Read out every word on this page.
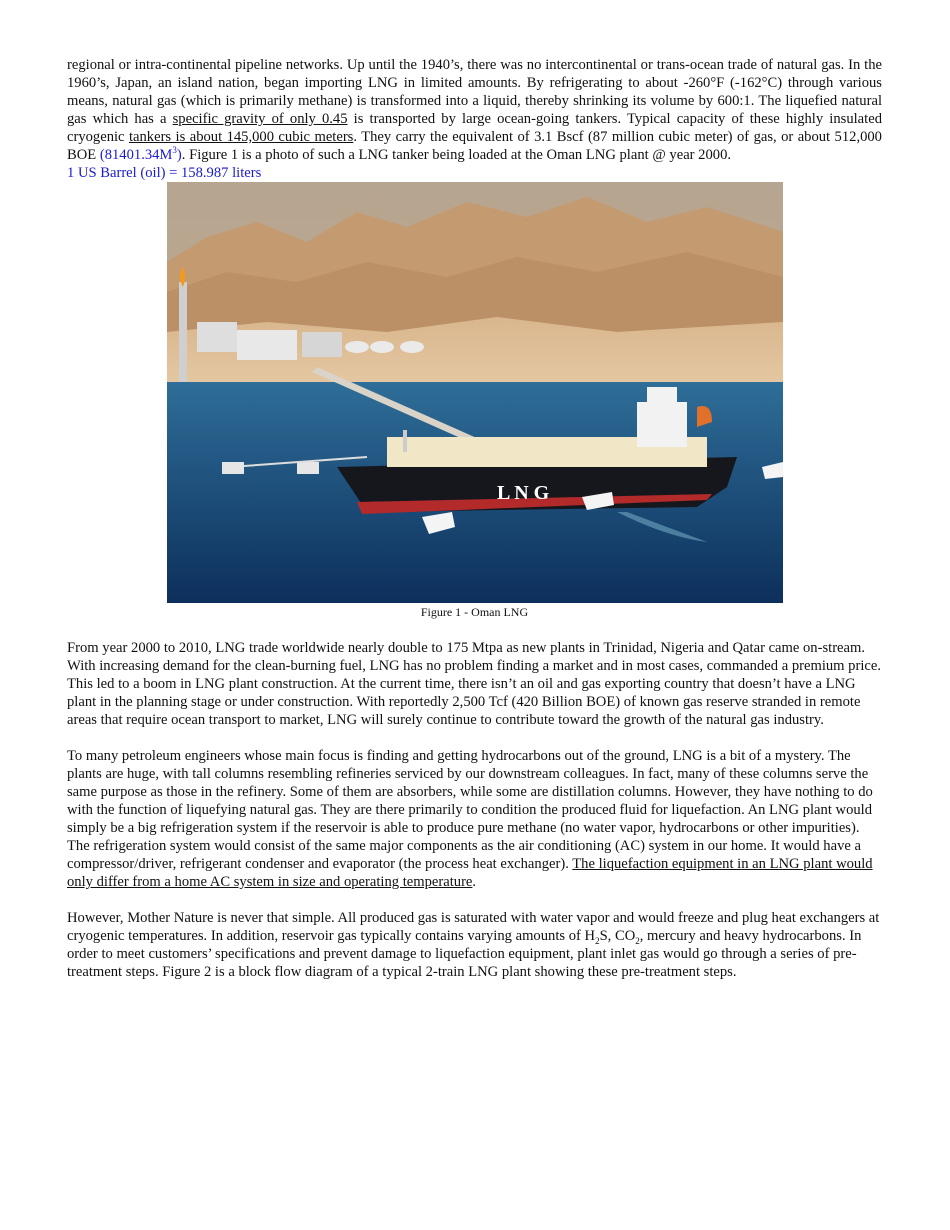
regional or intra-continental pipeline networks. Up until the 1940’s, there was no intercontinental or trans-ocean trade of natural gas. In the 1960’s, Japan, an island nation, began importing LNG in limited amounts. By refrigerating to about -260°F (-162°C) through various means, natural gas (which is primarily methane) is transformed into a liquid, thereby shrinking its volume by 600:1. The liquefied natural gas which has a specific gravity of only 0.45 is transported by large ocean-going tankers. Typical capacity of these highly insulated cryogenic tankers is about 145,000 cubic meters. They carry the equivalent of 3.1 Bscf (87 million cubic meter) of gas, or about 512,000 BOE $(81401.34M^3)$. Figure 1 is a photo of such a LNG tanker being loaded at the Oman LNG plant @ year 2000.

1 US Barrel (oil) = 158.987 liters

L N G

Figure 1 - Oman LNG

From year 2000 to 2010, LNG trade worldwide nearly double to 175 Mtpa as new plants in Trinidad, Nigeria and Qatar came on-stream. With increasing demand for the clean-burning fuel, LNG has no problem finding a market and in most cases, commanded a premium price. This led to a boom in LNG plant construction. At the current time, there isn’t an oil and gas exporting country that doesn’t have a LNG plant in the planning stage or under construction. With reportedly 2,500 Tcf (420 Billion BOE) of known gas reserve stranded in remote areas that require ocean transport to market, LNG will surely continue to contribute toward the growth of the natural gas industry.

To many petroleum engineers whose main focus is finding and getting hydrocarbons out of the ground, LNG is a bit of a mystery. The plants are huge, with tall columns resembling refineries serviced by our downstream colleagues. In fact, many of these columns serve the same purpose as those in the refinery. Some of them are absorbers, while some are distillation columns. However, they have nothing to do with the function of liquefying natural gas. They are there primarily to condition the produced fluid for liquefaction. An LNG plant would simply be a big refrigeration system if the reservoir is able to produce pure methane (no water vapor, hydrocarbons or other impurities). The refrigeration system would consist of the same major components as the air conditioning (AC) system in our home. It would have a compressor/driver, refrigerant condenser and evaporator (the process heat exchanger). The liquefaction equipment in an LNG plant would only differ from a home AC system in size and operating temperature.

However, Mother Nature is never that simple. All produced gas is saturated with water vapor and would freeze and plug heat exchangers at cryogenic temperatures. In addition, reservoir gas typically contains varying amounts of $H_2S$, $CO_2$, mercury and heavy hydrocarbons. In order to meet customers’ specifications and prevent damage to liquefaction equipment, plant inlet gas would go through a series of pre-treatment steps. Figure 2 is a block flow diagram of a typical 2-train LNG plant showing these pre-treatment steps.
